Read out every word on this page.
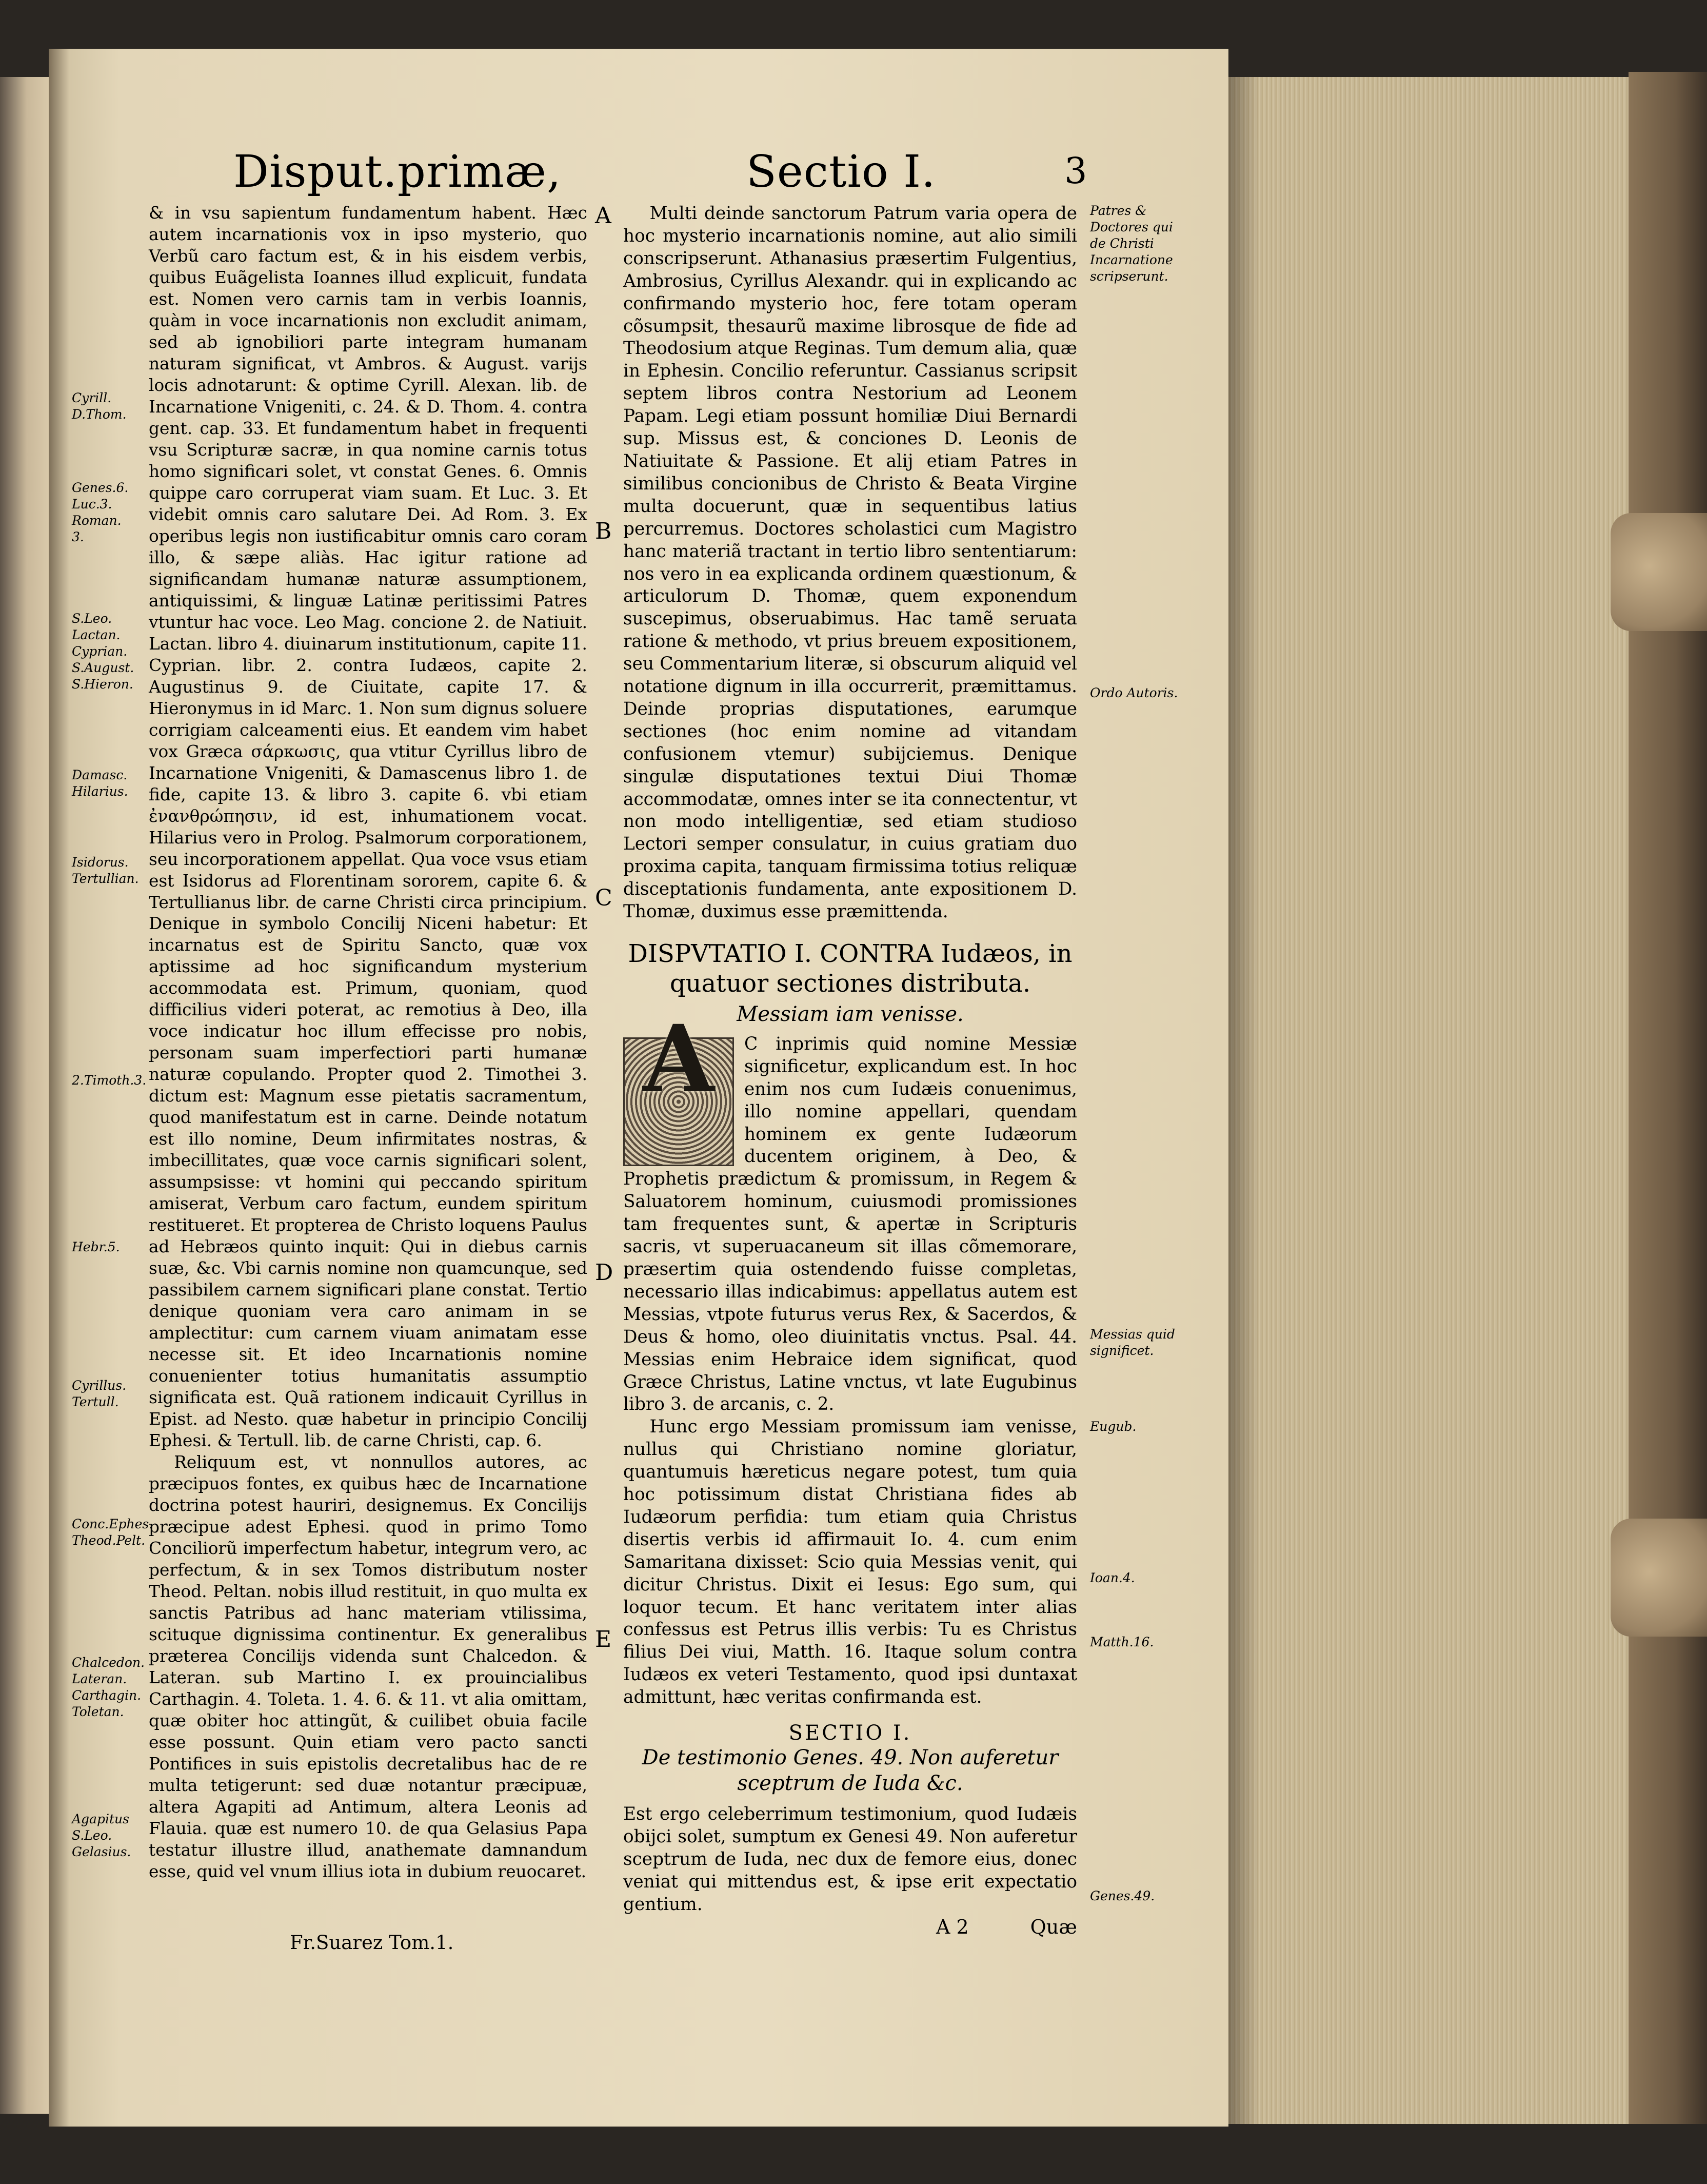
Disput.primæ,	Sectio I.	3

& in vsu sapientum fundamentum habent. Hæc autem incarnationis vox in ipso mysterio, quo Verbũ caro factum est, & in his eisdem verbis, quibus Euãgelista Ioannes illud explicuit, fundata est. Nomen vero carnis tam in verbis Ioannis, quàm in voce incarnationis non excludit animam, sed ab ignobiliori parte integram humanam naturam significat, vt Ambros. & August. varijs locis adnotarunt: & optime Cyrill. Alexan. lib. de Incarnatione Vnigeniti, c. 24. & D. Thom. 4. contra gent. cap. 33. Et fundamentum habet in frequenti vsu Scripturæ sacræ, in qua nomine carnis totus homo significari solet, vt constat Genes. 6. Omnis quippe caro corruperat viam suam. Et Luc. 3. Et videbit omnis caro salutare Dei. Ad Rom. 3. Ex operibus legis non iustificabitur omnis caro coram illo, & sæpe aliàs. Hac igitur ratione ad significandam humanæ naturæ assumptionem, antiquissimi, & linguæ Latinæ peritissimi Patres vtuntur hac voce. Leo Mag. concione 2. de Natiuit. Lactan. libro 4. diuinarum institutionum, capite 11. Cyprian. libr. 2. contra Iudæos, capite 2. Augustinus 9. de Ciuitate, capite 17. & Hieronymus in id Marc. 1. Non sum dignus soluere corrigiam calceamenti eius. Et eandem vim habet vox Græca σάρκωσις, qua vtitur Cyrillus libro de Incarnatione Vnigeniti, & Damascenus libro 1. de fide, capite 13. & libro 3. capite 6. vbi etiam ἐνανθρώπησιν, id est, inhumationem vocat. Hilarius vero in Prolog. Psalmorum corporationem, seu incorporationem appellat. Qua voce vsus etiam est Isidorus ad Florentinam sororem, capite 6. & Tertullianus libr. de carne Christi circa principium. Denique in symbolo Concilij Niceni habetur: Et incarnatus est de Spiritu Sancto, quæ vox aptissime ad hoc significandum mysterium accommodata est. Primum, quoniam, quod difficilius videri poterat, ac remotius à Deo, illa voce indicatur hoc illum effecisse pro nobis, personam suam imperfectiori parti humanæ naturæ copulando. Propter quod 2. Timothei 3. dictum est: Magnum esse pietatis sacramentum, quod manifestatum est in carne. Deinde notatum est illo nomine, Deum infirmitates nostras, & imbecillitates, quæ voce carnis significari solent, assumpsisse: vt homini qui peccando spiritum amiserat, Verbum caro factum, eundem spiritum restitueret. Et propterea de Christo loquens Paulus ad Hebræos quinto inquit: Qui in diebus carnis suæ, &c. Vbi carnis nomine non quamcunque, sed passibilem carnem significari plane constat. Tertio denique quoniam vera caro animam in se amplectitur: cum carnem viuam animatam esse necesse sit. Et ideo Incarnationis nomine conuenienter totius humanitatis assumptio significata est. Quã rationem indicauit Cyrillus in Epist. ad Nesto. quæ habetur in principio Concilij Ephesi. & Tertull. lib. de carne Christi, cap. 6.

Reliquum est, vt nonnullos autores, ac præcipuos fontes, ex quibus hæc de Incarnatione doctrina potest hauriri, designemus. Ex Concilijs præcipue adest Ephesi. quod in primo Tomo Conciliorũ imperfectum habetur, integrum vero, ac perfectum, & in sex Tomos distributum noster Theod. Peltan. nobis illud restituit, in quo multa ex sanctis Patribus ad hanc materiam vtilissima, scituque dignissima continentur. Ex generalibus præterea Concilijs videnda sunt Chalcedon. & Lateran. sub Martino I. ex prouincialibus Carthagin. 4. Toleta. 1. 4. 6. & 11. vt alia omittam, quæ obiter hoc attingũt, & cuilibet obuia facile esse possunt. Quin etiam vero pacto sancti Pontifices in suis epistolis decretalibus hac de re multa tetigerunt: sed duæ notantur præcipuæ, altera Agapiti ad Antimum, altera Leonis ad Flauia. quæ est numero 10. de qua Gelasius Papa testatur illustre illud, anathemate damnandum esse, quid vel vnum illius iota in dubium reuocaret.

Fr.Suarez Tom.1.
Cyrill. D.Thom.
Genes.6. Luc.3. Roman. 3.
S.Leo. Lactan. Cyprian. S.August. S.Hieron.
Damasc. Hilarius.
Isidorus. Tertullian.
2.Timoth.3.
Hebr.5.
Cyrillus. Tertull.
Conc.Ephes. Theod.Pelt.
Chalcedon. Lateran. Carthagin. Toletan.
Agapitus S.Leo. Gelasius.
A
B
C
D
E

Multi deinde sanctorum Patrum varia opera de hoc mysterio incarnationis nomine, aut alio simili conscripserunt. Athanasius præsertim Fulgentius, Ambrosius, Cyrillus Alexandr. qui in explicando ac confirmando mysterio hoc, fere totam operam cõsumpsit, thesaurũ maxime librosque de fide ad Theodosium atque Reginas. Tum demum alia, quæ in Ephesin. Concilio referuntur. Cassianus scripsit septem libros contra Nestorium ad Leonem Papam. Legi etiam possunt homiliæ Diui Bernardi sup. Missus est, & conciones D. Leonis de Natiuitate & Passione. Et alij etiam Patres in similibus concionibus de Christo & Beata Virgine multa docuerunt, quæ in sequentibus latius percurremus. Doctores scholastici cum Magistro hanc materiã tractant in tertio libro sententiarum: nos vero in ea explicanda ordinem quæstionum, & articulorum D. Thomæ, quem exponendum suscepimus, obseruabimus. Hac tamẽ seruata ratione & methodo, vt prius breuem expositionem, seu Commentarium literæ, si obscurum aliquid vel notatione dignum in illa occurrerit, præmittamus. Deinde proprias disputationes, earumque sectiones (hoc enim nomine ad vitandam confusionem vtemur) subijciemus. Denique singulæ disputationes textui Diui Thomæ accommodatæ, omnes inter se ita connectentur, vt non modo intelligentiæ, sed etiam studioso Lectori semper consulatur, in cuius gratiam duo proxima capita, tanquam firmissima totius reliquæ disceptationis fundamenta, ante expositionem D. Thomæ, duximus esse præmittenda.

DISPVTATIO I. CONTRA Iudæos, in quatuor sectiones distributa.
Messiam iam venisse.
A	C inprimis quid nomine Messiæ significetur, explicandum est. In hoc enim nos cum Iudæis conuenimus, illo nomine appellari, quendam hominem ex gente Iudæorum ducentem originem, à Deo, & Prophetis prædictum & promissum, in Regem & Saluatorem hominum, cuiusmodi promissiones tam frequentes sunt, & apertæ in Scripturis sacris, vt superuacaneum sit illas cõmemorare, præsertim quia ostendendo fuisse completas, necessario illas indicabimus: appellatus autem est Messias, vtpote futurus verus Rex, & Sacerdos, & Deus & homo, oleo diuinitatis vnctus. Psal. 44. Messias enim Hebraice idem significat, quod Græce Christus, Latine vnctus, vt late Eugubinus libro 3. de arcanis, c. 2.

Hunc ergo Messiam promissum iam venisse, nullus qui Christiano nomine gloriatur, quantumuis hæreticus negare potest, tum quia hoc potissimum distat Christiana fides ab Iudæorum perfidia: tum etiam quia Christus disertis verbis id affirmauit Io. 4. cum enim Samaritana dixisset: Scio quia Messias venit, qui dicitur Christus. Dixit ei Iesus: Ego sum, qui loquor tecum. Et hanc veritatem inter alias confessus est Petrus illis verbis: Tu es Christus filius Dei viui, Matth. 16. Itaque solum contra Iudæos ex veteri Testamento, quod ipsi duntaxat admittunt, hæc veritas confirmanda est.

SECTIO I.
De testimonio Genes. 49. Non auferetur sceptrum de Iuda &c.

Est ergo celeberrimum testimonium, quod Iudæis obijci solet, sumptum ex Genesi 49. Non auferetur sceptrum de Iuda, nec dux de femore eius, donec veniat qui mittendus est, & ipse erit expectatio gentium.

A 2	Quæ
Patres & Doctores qui de Christi Incarnatione scripserunt.
Ordo Autoris.
Messias quid significet.
Eugub.
Ioan.4.
Matth.16.
Genes.49.
